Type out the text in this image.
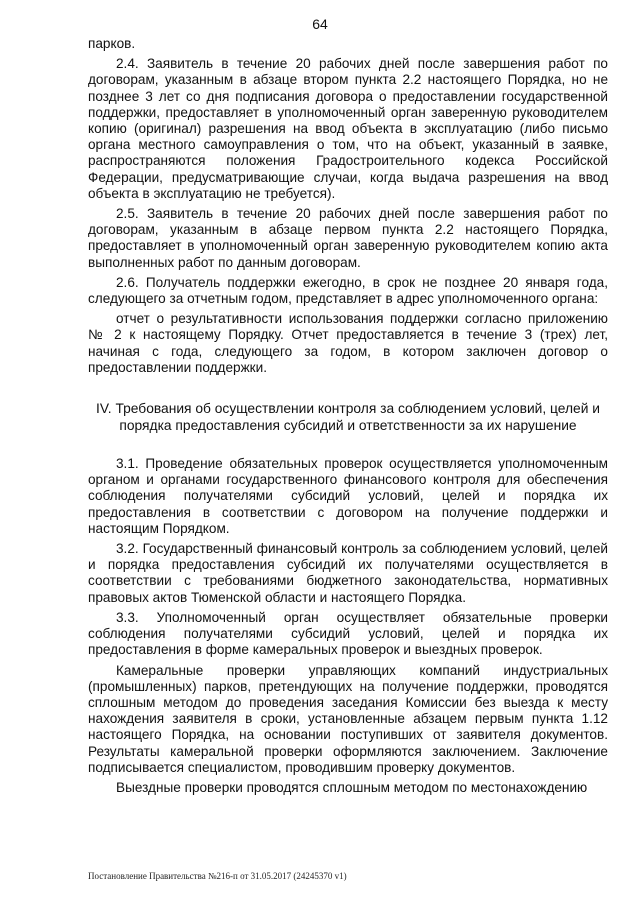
64

парков.

2.4. Заявитель в течение 20 рабочих дней после завершения работ по договорам, указанным в абзаце втором пункта 2.2 настоящего Порядка, но не позднее 3 лет со дня подписания договора о предоставлении государственной поддержки, предоставляет в уполномоченный орган заверенную руководителем копию (оригинал) разрешения на ввод объекта в эксплуатацию (либо письмо органа местного самоуправления о том, что на объект, указанный в заявке, распространяются положения Градостроительного кодекса Российской Федерации, предусматривающие случаи, когда выдача разрешения на ввод объекта в эксплуатацию не требуется).

2.5. Заявитель в течение 20 рабочих дней после завершения работ по договорам, указанным в абзаце первом пункта 2.2 настоящего Порядка, предоставляет в уполномоченный орган заверенную руководителем копию акта выполненных работ по данным договорам.

2.6. Получатель поддержки ежегодно, в срок не позднее 20 января года, следующего за отчетным годом, представляет в адрес уполномоченного органа:

отчет о результативности использования поддержки согласно приложению № 2 к настоящему Порядку. Отчет предоставляется в течение 3 (трех) лет, начиная с года, следующего за годом, в котором заключен договор о предоставлении поддержки.

IV. Требования об осуществлении контроля за соблюдением условий, целей и порядка предоставления субсидий и ответственности за их нарушение

3.1. Проведение обязательных проверок осуществляется уполномоченным органом и органами государственного финансового контроля для обеспечения соблюдения получателями субсидий условий, целей и порядка их предоставления в соответствии с договором на получение поддержки и настоящим Порядком.

3.2. Государственный финансовый контроль за соблюдением условий, целей и порядка предоставления субсидий их получателями осуществляется в соответствии с требованиями бюджетного законодательства, нормативных правовых актов Тюменской области и настоящего Порядка.

3.3. Уполномоченный орган осуществляет обязательные проверки соблюдения получателями субсидий условий, целей и порядка их предоставления в форме камеральных проверок и выездных проверок.

Камеральные проверки управляющих компаний индустриальных (промышленных) парков, претендующих на получение поддержки, проводятся сплошным методом до проведения заседания Комиссии без выезда к месту нахождения заявителя в сроки, установленные абзацем первым пункта 1.12 настоящего Порядка, на основании поступивших от заявителя документов. Результаты камеральной проверки оформляются заключением. Заключение подписывается специалистом, проводившим проверку документов.

Выездные проверки проводятся сплошным методом по местонахождению

Постановление Правительства №216-п от 31.05.2017 (24245370 v1)
